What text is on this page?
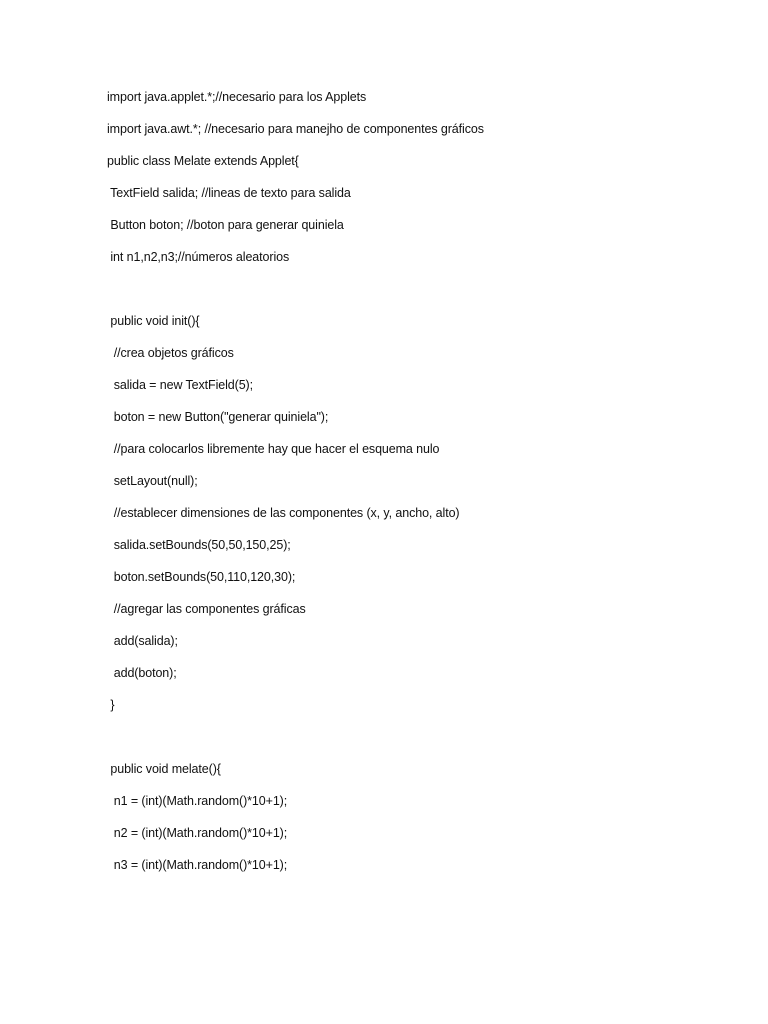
import java.applet.*;//necesario para los Applets
import java.awt.*; //necesario para manejho de componentes gráficos
public class Melate extends Applet{
TextField salida; //lineas de texto para salida
Button boton; //boton para generar quiniela
int n1,n2,n3;//números aleatorios
public void init(){
//crea objetos gráficos
salida = new TextField(5);
boton = new Button("generar quiniela");
//para colocarlos libremente hay que hacer el esquema nulo
setLayout(null);
//establecer dimensiones de las componentes (x, y, ancho, alto)
salida.setBounds(50,50,150,25);
boton.setBounds(50,110,120,30);
//agregar las componentes gráficas
add(salida);
add(boton);
}
public void melate(){
n1 = (int)(Math.random()*10+1);
n2 = (int)(Math.random()*10+1);
n3 = (int)(Math.random()*10+1);
